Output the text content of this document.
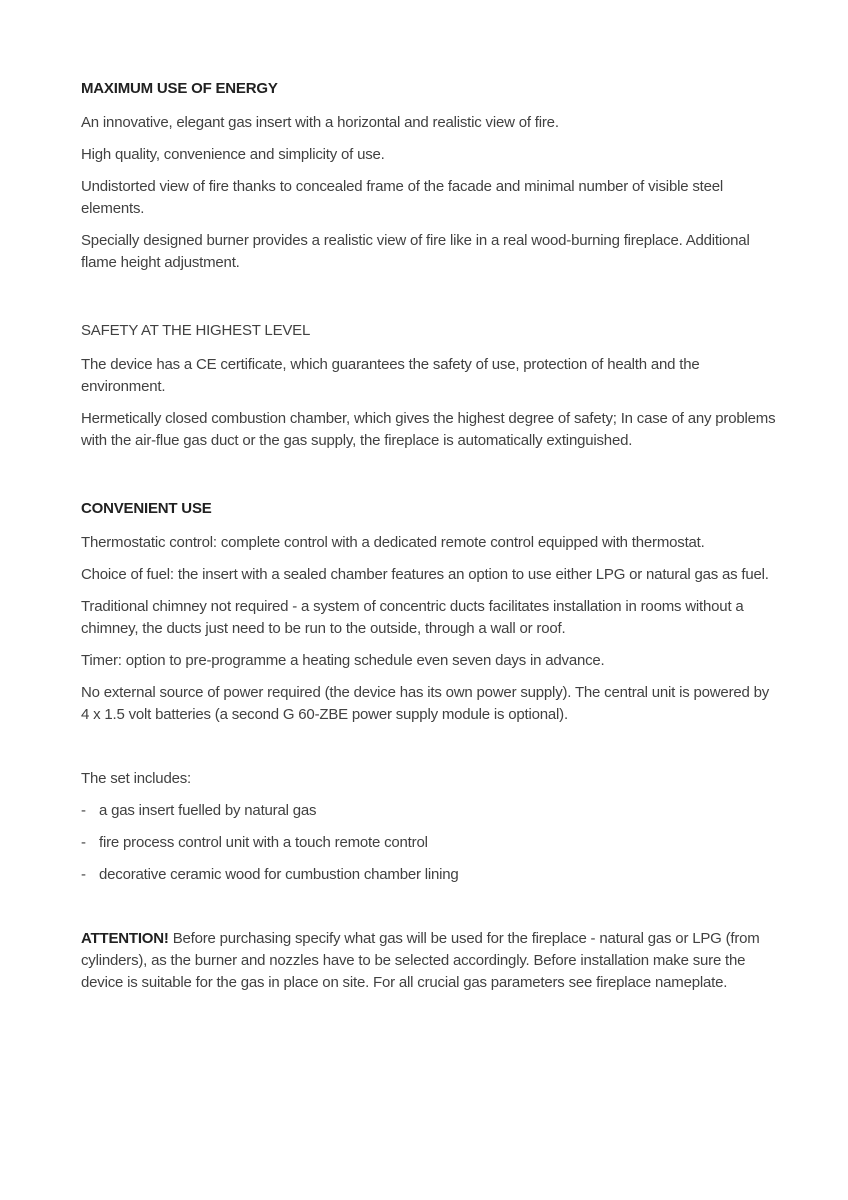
MAXIMUM USE OF ENERGY

An innovative, elegant gas insert with a horizontal and realistic view of fire.

High quality, convenience and simplicity of use.

Undistorted view of fire thanks to concealed frame of the facade and minimal number of visible steel elements.

Specially designed burner provides a realistic view of fire like in a real wood-burning fireplace. Additional flame height adjustment.

SAFETY AT THE HIGHEST LEVEL

The device has a CE certificate, which guarantees the safety of use, protection of health and the environment.

Hermetically closed combustion chamber, which gives the highest degree of safety; In case of any problems with the air-flue gas duct or the gas supply, the fireplace is automatically extinguished.

CONVENIENT USE

Thermostatic control: complete control with a dedicated remote control equipped with thermostat.

Choice of fuel: the insert with a sealed chamber features an option to use either LPG or natural gas as fuel.

Traditional chimney not required - a system of concentric ducts facilitates installation in rooms without a chimney, the ducts just need to be run to the outside, through a wall or roof.

Timer: option to pre-programme a heating schedule even seven days in advance.

No external source of power required (the device has its own power supply). The central unit is powered by 4 x 1.5 volt batteries (a second G 60-ZBE power supply module is optional).

The set includes:

- a gas insert fuelled by natural gas
- fire process control unit with a touch remote control
- decorative ceramic wood for cumbustion chamber lining

ATTENTION! Before purchasing specify what gas will be used for the fireplace - natural gas or LPG (from cylinders), as the burner and nozzles have to be selected accordingly. Before installation make sure the device is suitable for the gas in place on site. For all crucial gas parameters see fireplace nameplate.
